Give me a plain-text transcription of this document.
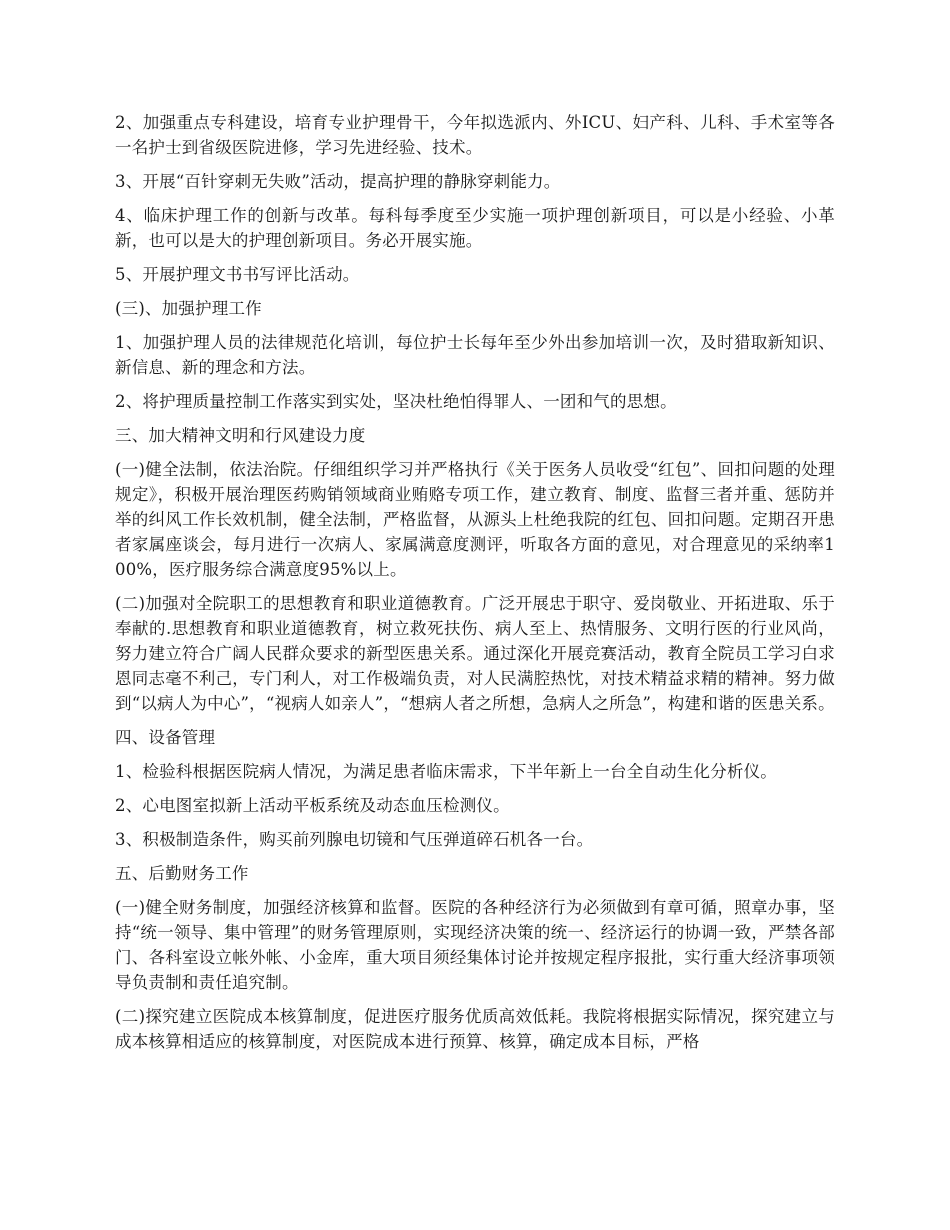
2、加强重点专科建设，培育专业护理骨干，今年拟选派内、外ICU、妇产科、儿科、手术室等各一名护士到省级医院进修，学习先进经验、技术。

3、开展“百针穿刺无失败”活动，提高护理的静脉穿刺能力。

4、临床护理工作的创新与改革。每科每季度至少实施一项护理创新项目，可以是小经验、小革新，也可以是大的护理创新项目。务必开展实施。

5、开展护理文书书写评比活动。

(三)、加强护理工作

1、加强护理人员的法律规范化培训，每位护士长每年至少外出参加培训一次，及时猎取新知识、新信息、新的理念和方法。

2、将护理质量控制工作落实到实处，坚决杜绝怕得罪人、一团和气的思想。

三、加大精神文明和行风建设力度

(一)健全法制，依法治院。仔细组织学习并严格执行《关于医务人员收受“红包”、回扣问题的处理规定》，积极开展治理医药购销领域商业贿赂专项工作，建立教育、制度、监督三者并重、惩防并举的纠风工作长效机制，健全法制，严格监督，从源头上杜绝我院的红包、回扣问题。定期召开患者家属座谈会，每月进行一次病人、家属满意度测评，听取各方面的意见，对合理意见的采纳率100%，医疗服务综合满意度95%以上。

(二)加强对全院职工的思想教育和职业道德教育。广泛开展忠于职守、爱岗敬业、开拓进取、乐于奉献的.思想教育和职业道德教育，树立救死扶伤、病人至上、热情服务、文明行医的行业风尚，努力建立符合广阔人民群众要求的新型医患关系。通过深化开展竞赛活动，教育全院员工学习白求恩同志毫不利己，专门利人，对工作极端负责，对人民满腔热忱，对技术精益求精的精神。努力做到“以病人为中心”，“视病人如亲人”，“想病人者之所想，急病人之所急”，构建和谐的医患关系。

四、设备管理

1、检验科根据医院病人情况，为满足患者临床需求，下半年新上一台全自动生化分析仪。

2、心电图室拟新上活动平板系统及动态血压检测仪。

3、积极制造条件，购买前列腺电切镜和气压弹道碎石机各一台。

五、后勤财务工作

(一)健全财务制度，加强经济核算和监督。医院的各种经济行为必须做到有章可循，照章办事，坚持“统一领导、集中管理”的财务管理原则，实现经济决策的统一、经济运行的协调一致，严禁各部门、各科室设立帐外帐、小金库，重大项目须经集体讨论并按规定程序报批，实行重大经济事项领导负责制和责任追究制。

(二)探究建立医院成本核算制度，促进医疗服务优质高效低耗。我院将根据实际情况，探究建立与成本核算相适应的核算制度，对医院成本进行预算、核算，确定成本目标，严格
